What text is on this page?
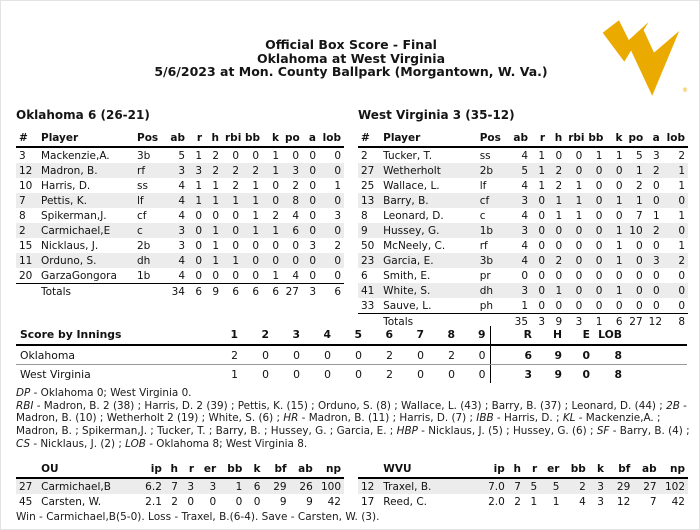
Official Box Score - Final
Oklahoma at West Virginia
5/6/2023 at Mon. County Ballpark (Morgantown, W. Va.)
®
Oklahoma 6 (26-21)
#	Player	Pos	ab	r	h	rbi	bb	k	po	a	lob
3	Mackenzie,A.	3b	5	1	2	0	0	1	0	0	0
12	Madron, B.	rf	3	3	2	2	2	1	3	0	0
10	Harris, D.	ss	4	1	1	2	1	0	2	0	1
7	Pettis, K.	lf	4	1	1	1	1	0	8	0	0
8	Spikerman,J.	cf	4	0	0	0	1	2	4	0	3
2	Carmichael,E	c	3	0	1	0	1	1	6	0	0
15	Nicklaus, J.	2b	3	0	1	0	0	0	0	3	2
11	Orduno, S.	dh	4	0	1	1	0	0	0	0	0
20	GarzaGongora	1b	4	0	0	0	0	1	4	0	0
	Totals		34	6	9	6	6	6	27	3	6
West Virginia 3 (35-12)
#	Player	Pos	ab	r	h	rbi	bb	k	po	a	lob
2	Tucker, T.	ss	4	1	0	0	1	1	5	3	2
27	Wetherholt	2b	5	1	2	0	0	0	1	2	1
25	Wallace, L.	lf	4	1	2	1	0	0	2	0	1
13	Barry, B.	cf	3	0	1	1	0	1	1	0	0
8	Leonard, D.	c	4	0	1	1	0	0	7	1	1
9	Hussey, G.	1b	3	0	0	0	0	1	10	2	0
50	McNeely, C.	rf	4	0	0	0	0	1	0	0	1
23	Garcia, E.	3b	4	0	2	0	0	1	0	3	2
6	Smith, E.	pr	0	0	0	0	0	0	0	0	0
41	White, S.	dh	3	0	1	0	0	1	0	0	0
33	Sauve, L.	ph	1	0	0	0	0	0	0	0	0
	Totals		35	3	9	3	1	6	27	12	8
Score by Innings	1	2	3	4	5	6	7	8	9	R	H	E	LOB	
Oklahoma	2	0	0	0	0	2	0	2	0	6	9	0	8	
West Virginia	1	0	0	0	0	2	0	0	0	3	9	0	8	
DP - Oklahoma 0; West Virginia 0.
RBI - Madron, B. 2 (38) ; Harris, D. 2 (39) ; Pettis, K. (15) ; Orduno, S. (8) ; Wallace, L. (43) ; Barry, B. (37) ; Leonard, D. (44) ; 2B - Madron, B. (10) ; Wetherholt 2 (19) ; White, S. (6) ; HR - Madron, B. (11) ; Harris, D. (7) ; IBB - Harris, D. ; KL - Mackenzie,A. ; Madron, B. ; Spikerman,J. ; Tucker, T. ; Barry, B. ; Hussey, G. ; Garcia, E. ; HBP - Nicklaus, J. (5) ; Hussey, G. (6) ; SF - Barry, B. (4) ; CS - Nicklaus, J. (2) ; LOB - Oklahoma 8; West Virginia 8.
	OU	ip	h	r	er	bb	k	bf	ab	np
27	Carmichael,B	6.2	7	3	3	1	6	29	26	100
45	Carsten, W.	2.1	2	0	0	0	0	9	9	42
	WVU	ip	h	r	er	bb	k	bf	ab	np
12	Traxel, B.	7.0	7	5	5	2	3	29	27	102
17	Reed, C.	2.0	2	1	1	4	3	12	7	42
Win - Carmichael,B(5-0). Loss - Traxel, B.(6-4). Save - Carsten, W. (3).
